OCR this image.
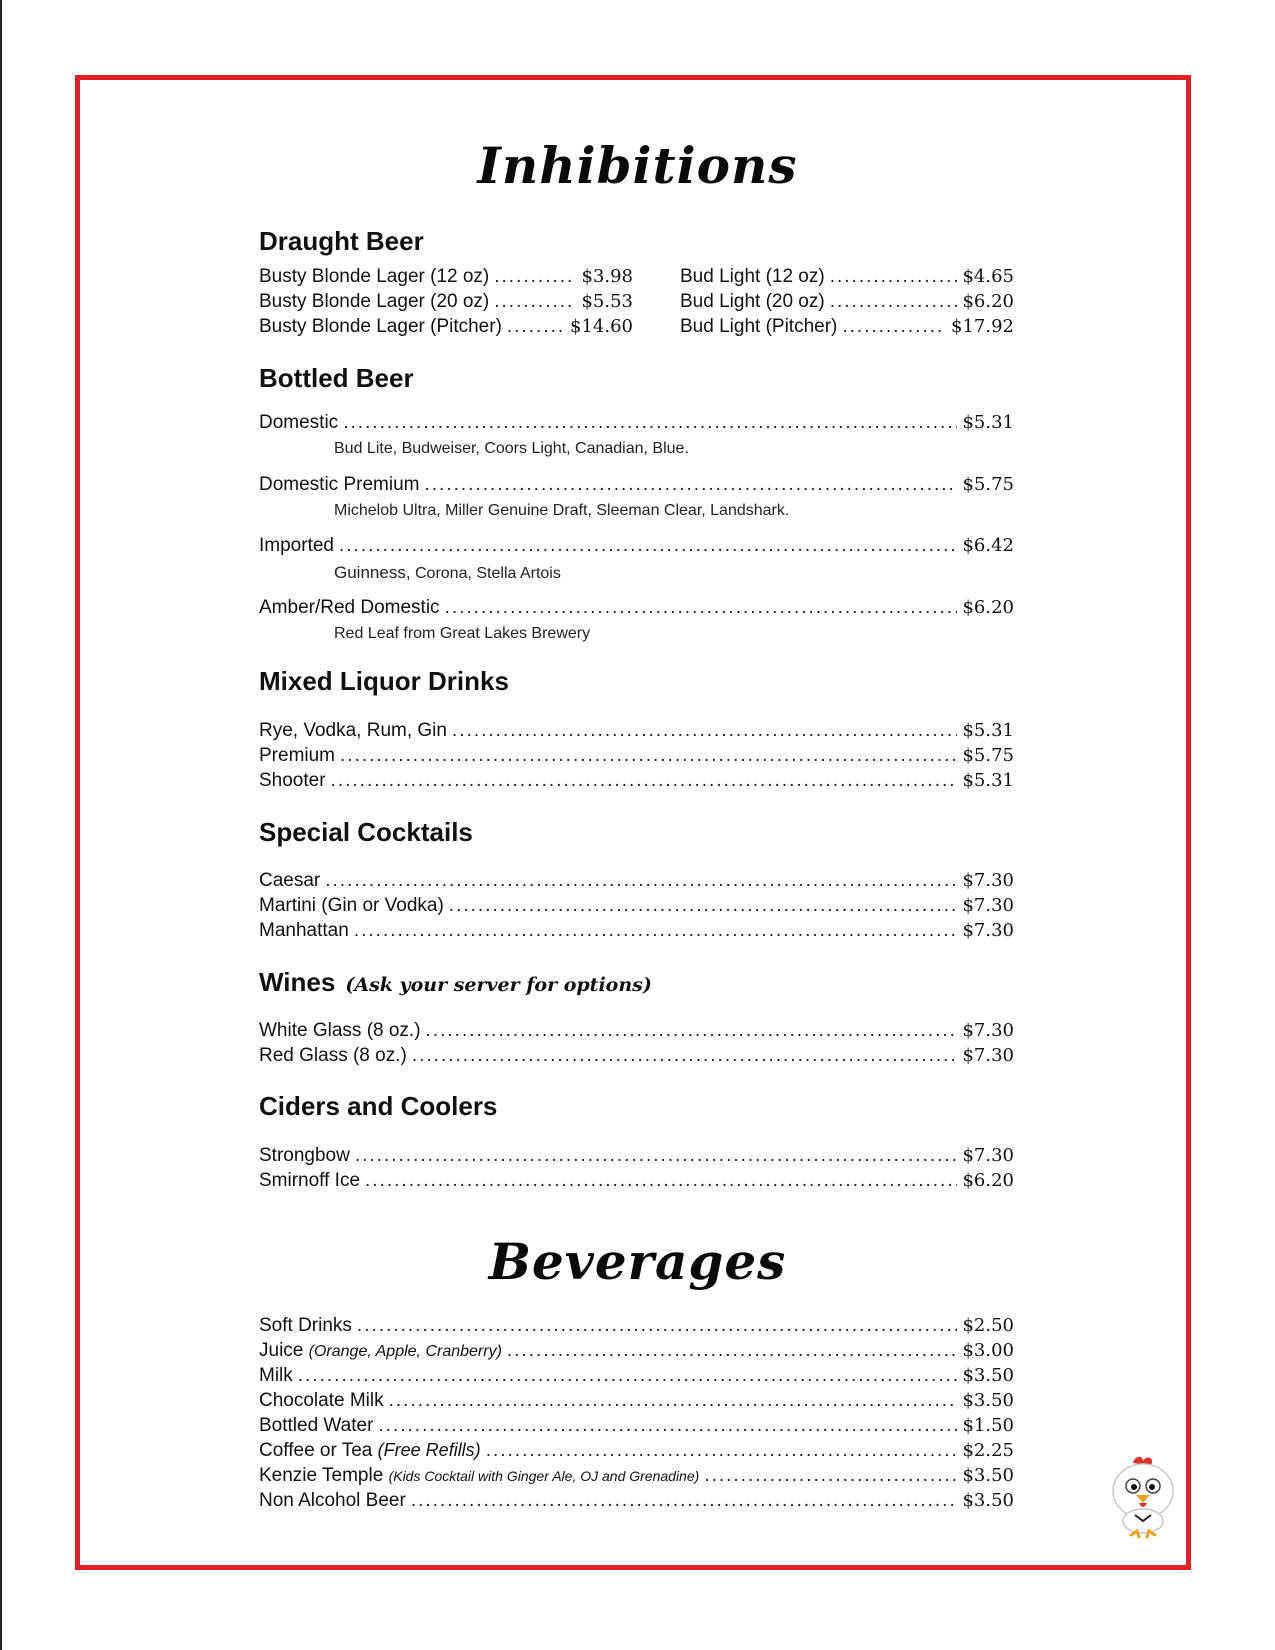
Inhibitions
Draught Beer
Busty Blonde Lager (12 oz) .....	$3.98
Busty Blonde Lager (20 oz) .....	$5.53
Busty Blonde Lager (Pitcher) .....	$14.60
Bud Light (12 oz) .....	$4.65
Bud Light (20 oz) .....	$6.20
Bud Light (Pitcher) .....	$17.92
Bottled Beer
Domestic .....	$5.31
Bud Lite, Budweiser, Coors Light, Canadian, Blue.
Domestic Premium .....	$5.75
Michelob Ultra, Miller Genuine Draft, Sleeman Clear, Landshark.
Imported .....	$6.42
Guinness, Corona, Stella Artois
Amber/Red Domestic .....	$6.20
Red Leaf from Great Lakes Brewery
Mixed Liquor Drinks
Rye, Vodka, Rum, Gin .....	$5.31
Premium .....	$5.75
Shooter .....	$5.31
Special Cocktails
Caesar .....	$7.30
Martini (Gin or Vodka) .....	$7.30
Manhattan .....	$7.30
Wines (Ask your server for options)
White Glass (8 oz.) .....	$7.30
Red Glass (8 oz.) .....	$7.30
Ciders and Coolers
Strongbow .....	$7.30
Smirnoff Ice .....	$6.20
Beverages
Soft Drinks .....	$2.50
Juice (Orange, Apple, Cranberry) .....	$3.00
Milk .....	$3.50
Chocolate Milk .....	$3.50
Bottled Water .....	$1.50
Coffee or Tea (Free Refills) .....	$2.25
Kenzie Temple (Kids Cocktail with Ginger Ale, OJ and Grenadine) .....	$3.50
Non Alcohol Beer .....	$3.50
